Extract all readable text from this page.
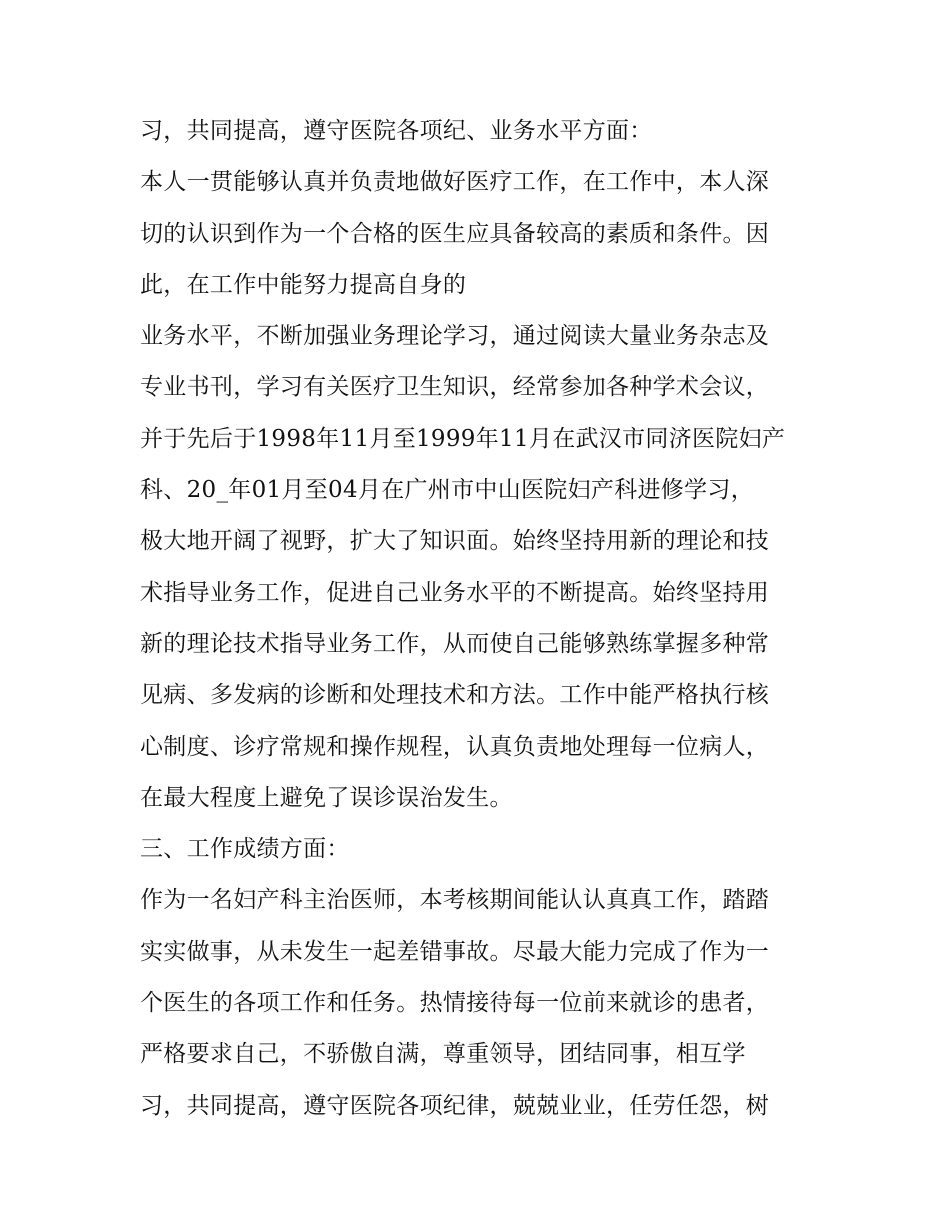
习，共同提高，遵守医院各项纪、业务水平方面：
本人一贯能够认真并负责地做好医疗工作，在工作中，本人深
切的认识到作为一个合格的医生应具备较高的素质和条件。因
此，在工作中能努力提高自身的
业务水平，不断加强业务理论学习，通过阅读大量业务杂志及
专业书刊，学习有关医疗卫生知识，经常参加各种学术会议，
并于先后于1998年11月至1999年11月在武汉市同济医院妇产
科、20_年01月至04月在广州市中山医院妇产科进修学习，
极大地开阔了视野，扩大了知识面。始终坚持用新的理论和技
术指导业务工作，促进自己业务水平的不断提高。始终坚持用
新的理论技术指导业务工作，从而使自己能够熟练掌握多种常
见病、多发病的诊断和处理技术和方法。工作中能严格执行核
心制度、诊疗常规和操作规程，认真负责地处理每一位病人，
在最大程度上避免了误诊误治发生。
三、工作成绩方面：
作为一名妇产科主治医师，本考核期间能认认真真工作，踏踏
实实做事，从未发生一起差错事故。尽最大能力完成了作为一
个医生的各项工作和任务。热情接待每一位前来就诊的患者，
严格要求自己，不骄傲自满，尊重领导，团结同事，相互学
习，共同提高，遵守医院各项纪律，兢兢业业，任劳任怨，树
